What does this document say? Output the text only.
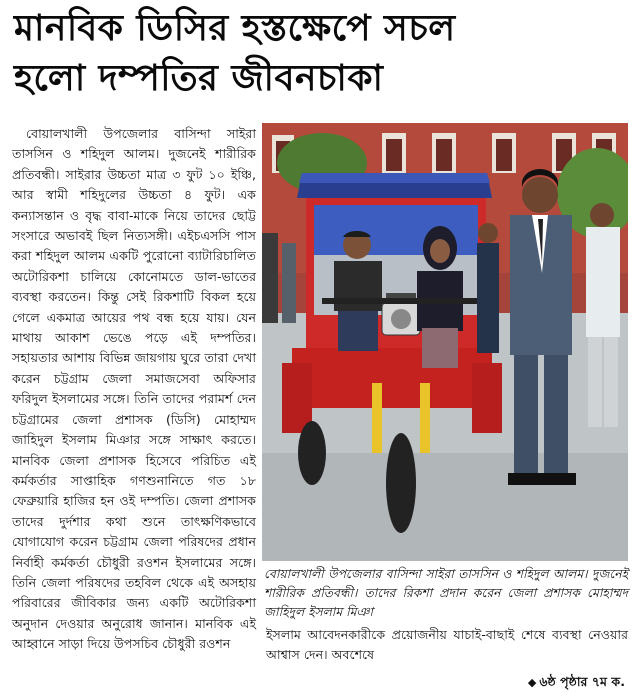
মানবিক ডিসির হস্তক্ষেপে সচল
হলো দম্পতির জীবনচাকা

বোয়ালখালী উপজেলার বাসিন্দা সাইরা তাসসিন ও শহিদুল আলম। দুজনেই শারীরিক প্রতিবন্ধী। সাইরার উচ্চতা মাত্র ৩ ফুট ১০ ইঞ্চি, আর স্বামী শহিদুলের উচ্চতা ৪ ফুট। এক কন্যাসন্তান ও বৃদ্ধ বাবা-মাকে নিয়ে তাদের ছোট্ট সংসারে অভাবই ছিল নিত্যসঙ্গী। এইচএসসি পাস করা শহিদুল আলম একটি পুরোনো ব্যাটারিচালিত অটোরিকশা চালিয়ে কোনোমতে ডাল-ভাতের ব্যবস্থা করতেন। কিন্তু সেই রিকশাটি বিকল হয়ে গেলে একমাত্র আয়ের পথ বন্ধ হয়ে যায়। যেন মাথায় আকাশ ভেঙে পড়ে এই দম্পতির। সহায়তার আশায় বিভিন্ন জায়গায় ঘুরে তারা দেখা করেন চট্টগ্রাম জেলা সমাজসেবা অফিসার ফরিদুল ইসলামের সঙ্গে। তিনি তাদের পরামর্শ দেন চট্টগ্রামের জেলা প্রশাসক (ডিসি) মোহাম্মদ জাহিদুল ইসলাম মিঞার সঙ্গে সাক্ষাৎ করতে। মানবিক জেলা প্রশাসক হিসেবে পরিচিত এই কর্মকর্তার সাপ্তাহিক গণশুনানিতে গত ১৮ ফেব্রুয়ারি হাজির হন ওই দম্পতি। জেলা প্রশাসক তাদের দুর্দশার কথা শুনে তাৎক্ষণিকভাবে যোগাযোগ করেন চট্টগ্রাম জেলা পরিষদের প্রধান নির্বাহী কর্মকর্তা চৌধুরী রওশন ইসলামের সঙ্গে। তিনি জেলা পরিষদের তহবিল থেকে এই অসহায় পরিবারের জীবিকার জন্য একটি অটোরিকশা অনুদান দেওয়ার অনুরোধ জানান। মানবিক এই আহ্বানে সাড়া দিয়ে উপসচিব চৌধুরী রওশন

বোয়ালখালী উপজেলার বাসিন্দা সাইরা তাসসিন ও শহিদুল আলম। দুজনেই শারীরিক প্রতিবন্ধী। তাদের রিকশা প্রদান করেন জেলা প্রশাসক মোহাম্মদ জাহিদুল ইসলাম মিঞা

ইসলাম আবেদনকারীকে প্রয়োজনীয় যাচাই-বাছাই শেষে ব্যবস্থা নেওয়ার আশ্বাস দেন। অবশেষে

◆ ৬ষ্ঠ পৃষ্ঠার ৭ম ক.
